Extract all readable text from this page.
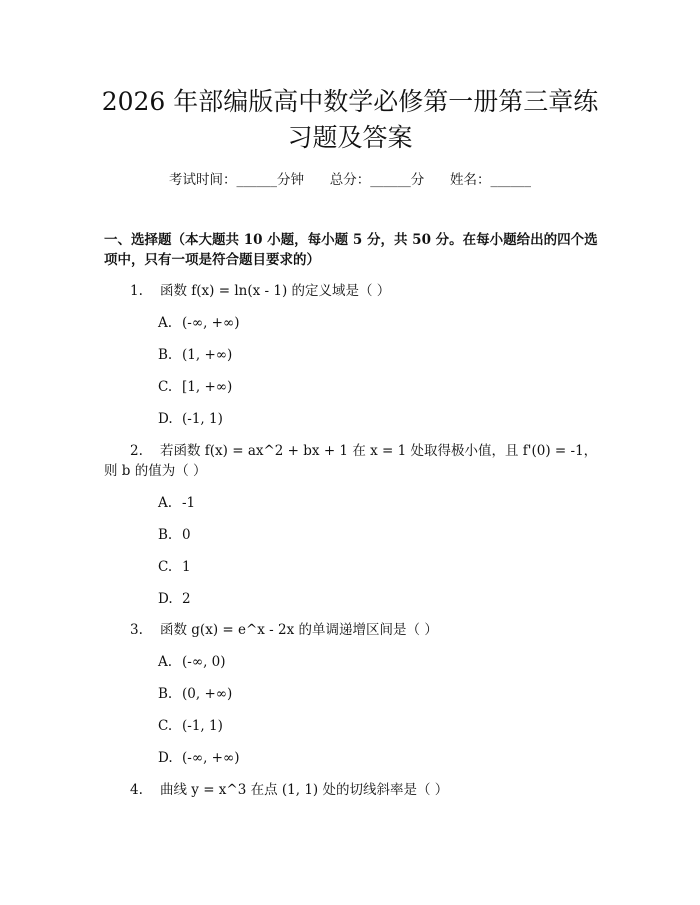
2026 年部编版高中数学必修第一册第三章练
习题及答案
考试时间：______分钟      总分：______分      姓名：______
一、选择题（本大题共 10 小题，每小题 5 分，共 50 分。在每小题给出的四个选项中，只有一项是符合题目要求的）
1. 函数 f(x) = ln(x - 1) 的定义域是（ ）
A. (-∞, +∞)
B. (1, +∞)
C. [1, +∞)
D. (-1, 1)
2. 若函数 f(x) = ax^2 + bx + 1 在 x = 1 处取得极小值，且 f'(0) = -1，则 b 的值为（ ）
A. -1
B. 0
C. 1
D. 2
3. 函数 g(x) = e^x - 2x 的单调递增区间是（ ）
A. (-∞, 0)
B. (0, +∞)
C. (-1, 1)
D. (-∞, +∞)
4. 曲线 y = x^3 在点 (1, 1) 处的切线斜率是（ ）
